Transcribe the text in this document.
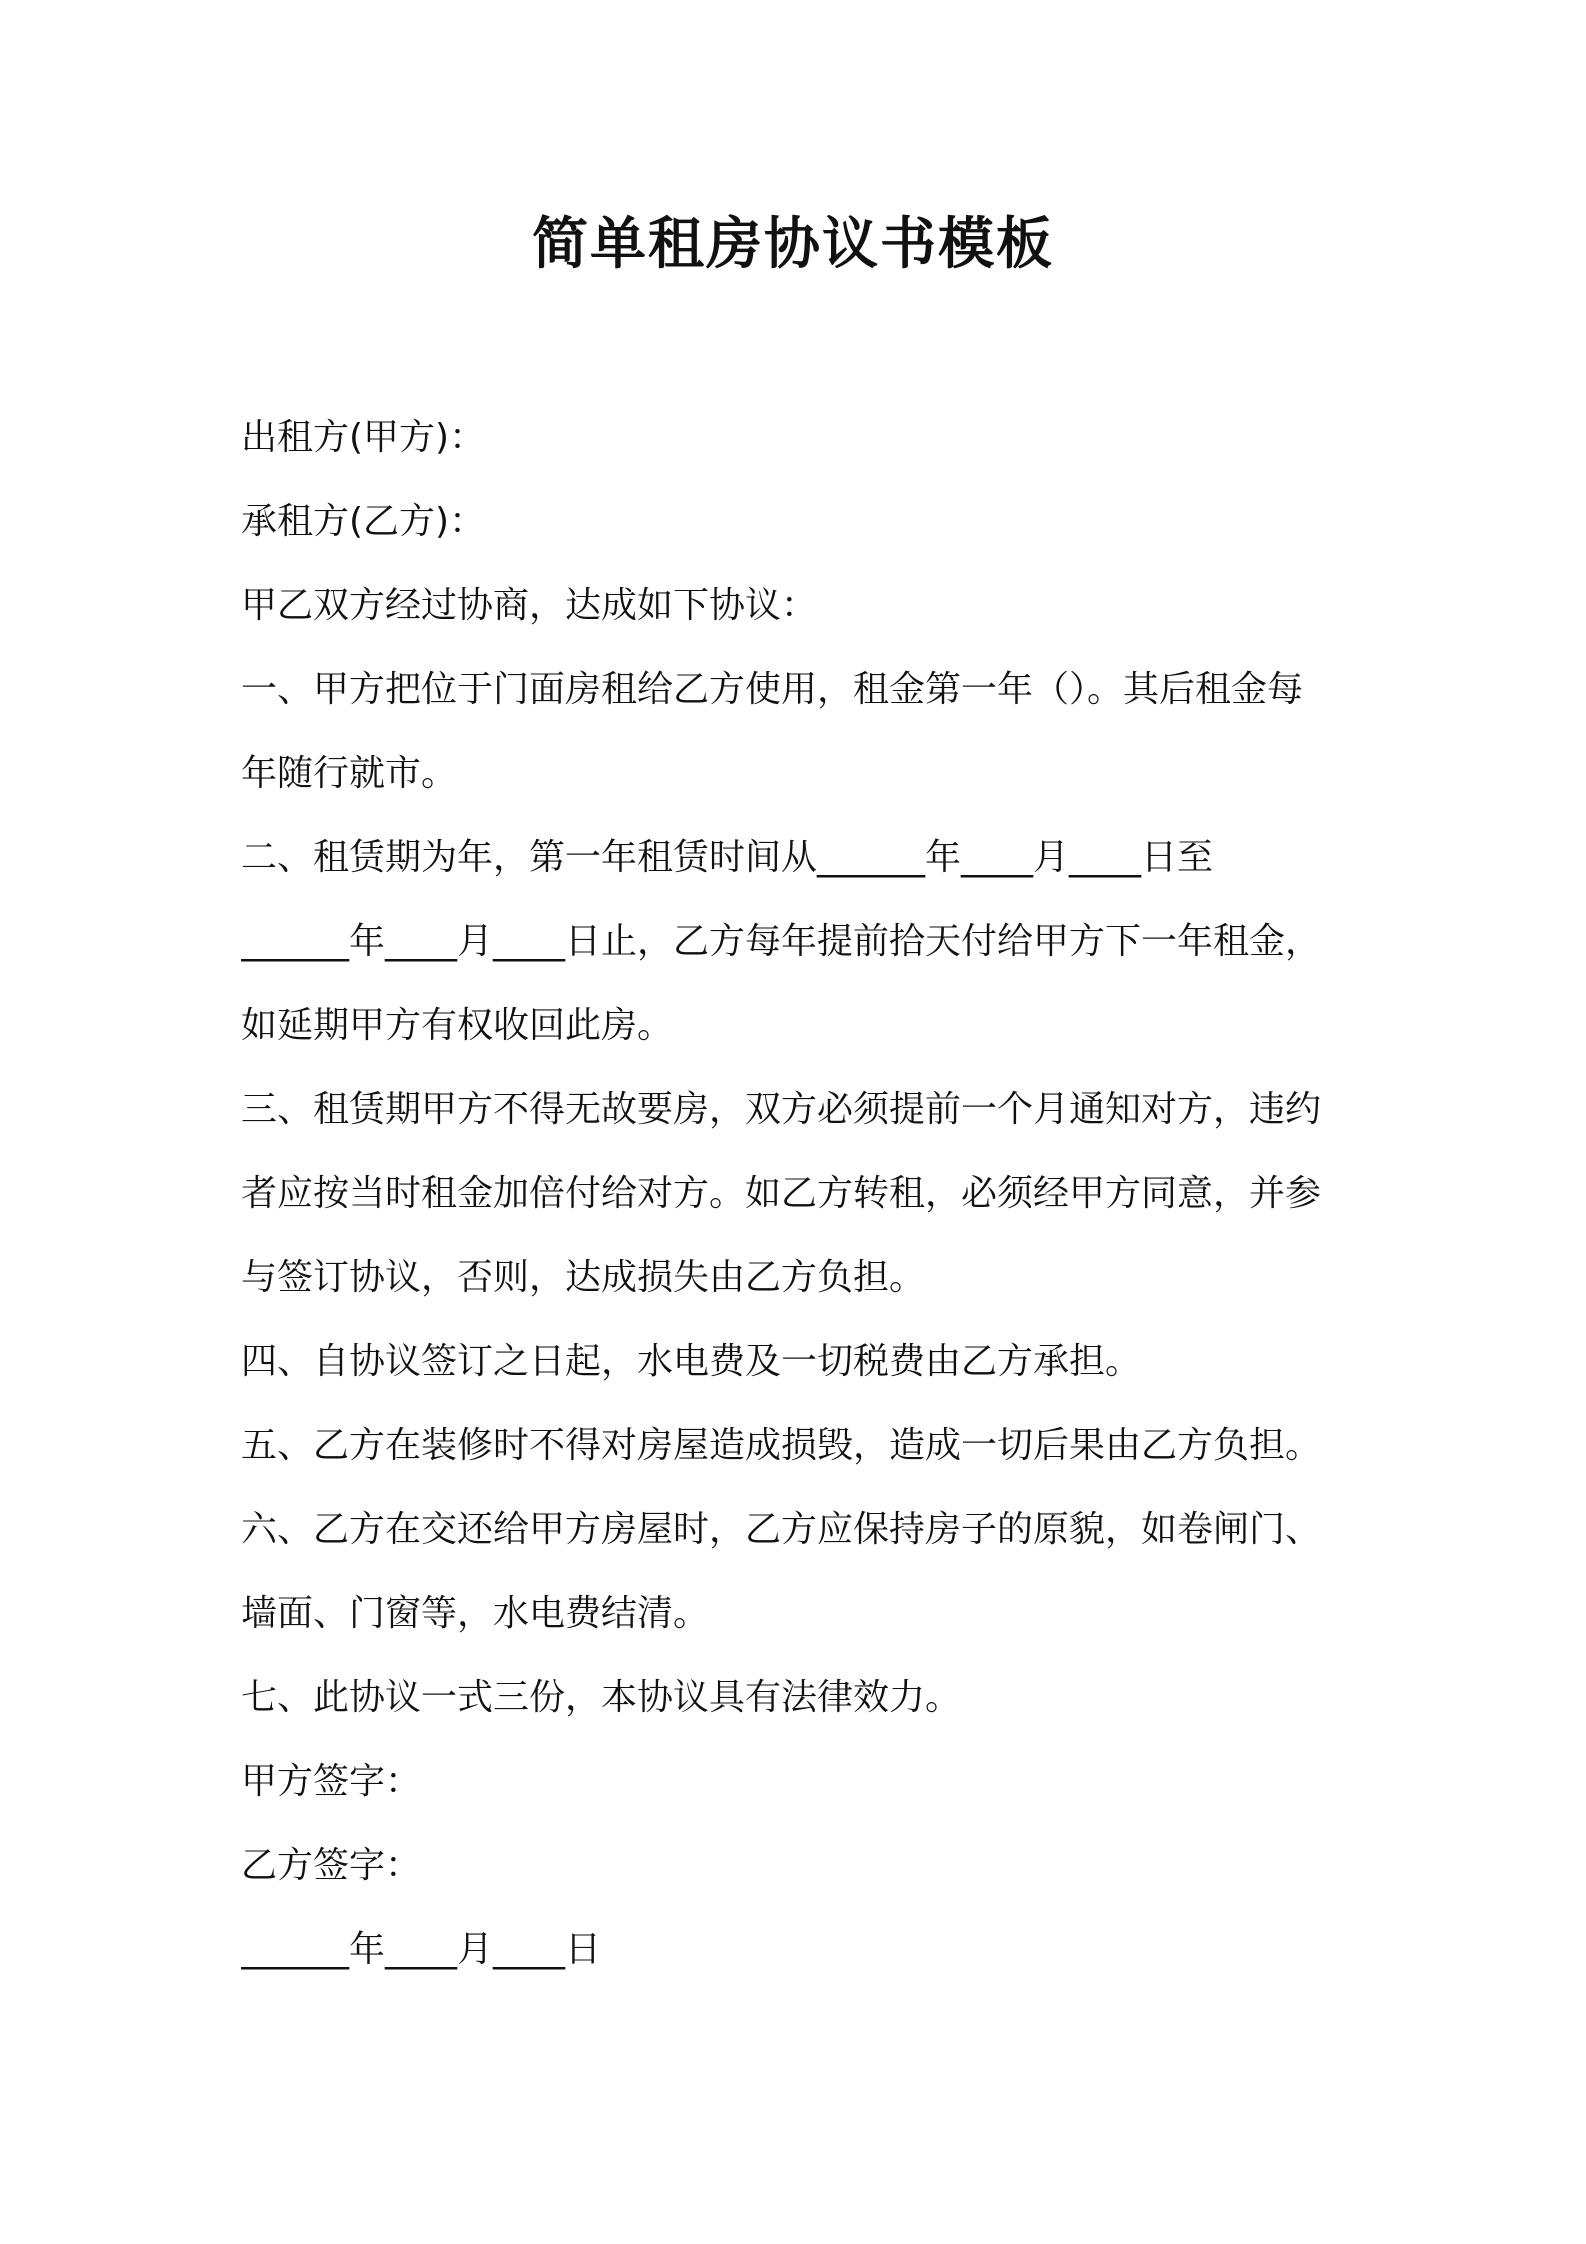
简单租房协议书模板
出租方(甲方)：
承租方(乙方)：
甲乙双方经过协商，达成如下协议：
一、甲方把位于门面房租给乙方使用，租金第一年（）。其后租金每
年随行就市。
二、租赁期为年，第一年租赁时间从______年____月____日至
______年____月____日止，乙方每年提前拾天付给甲方下一年租金，
如延期甲方有权收回此房。
三、租赁期甲方不得无故要房，双方必须提前一个月通知对方，违约
者应按当时租金加倍付给对方。如乙方转租，必须经甲方同意，并参
与签订协议，否则，达成损失由乙方负担。
四、自协议签订之日起，水电费及一切税费由乙方承担。
五、乙方在装修时不得对房屋造成损毁，造成一切后果由乙方负担。
六、乙方在交还给甲方房屋时，乙方应保持房子的原貌，如卷闸门、
墙面、门窗等，水电费结清。
七、此协议一式三份，本协议具有法律效力。
甲方签字：
乙方签字：
______年____月____日
